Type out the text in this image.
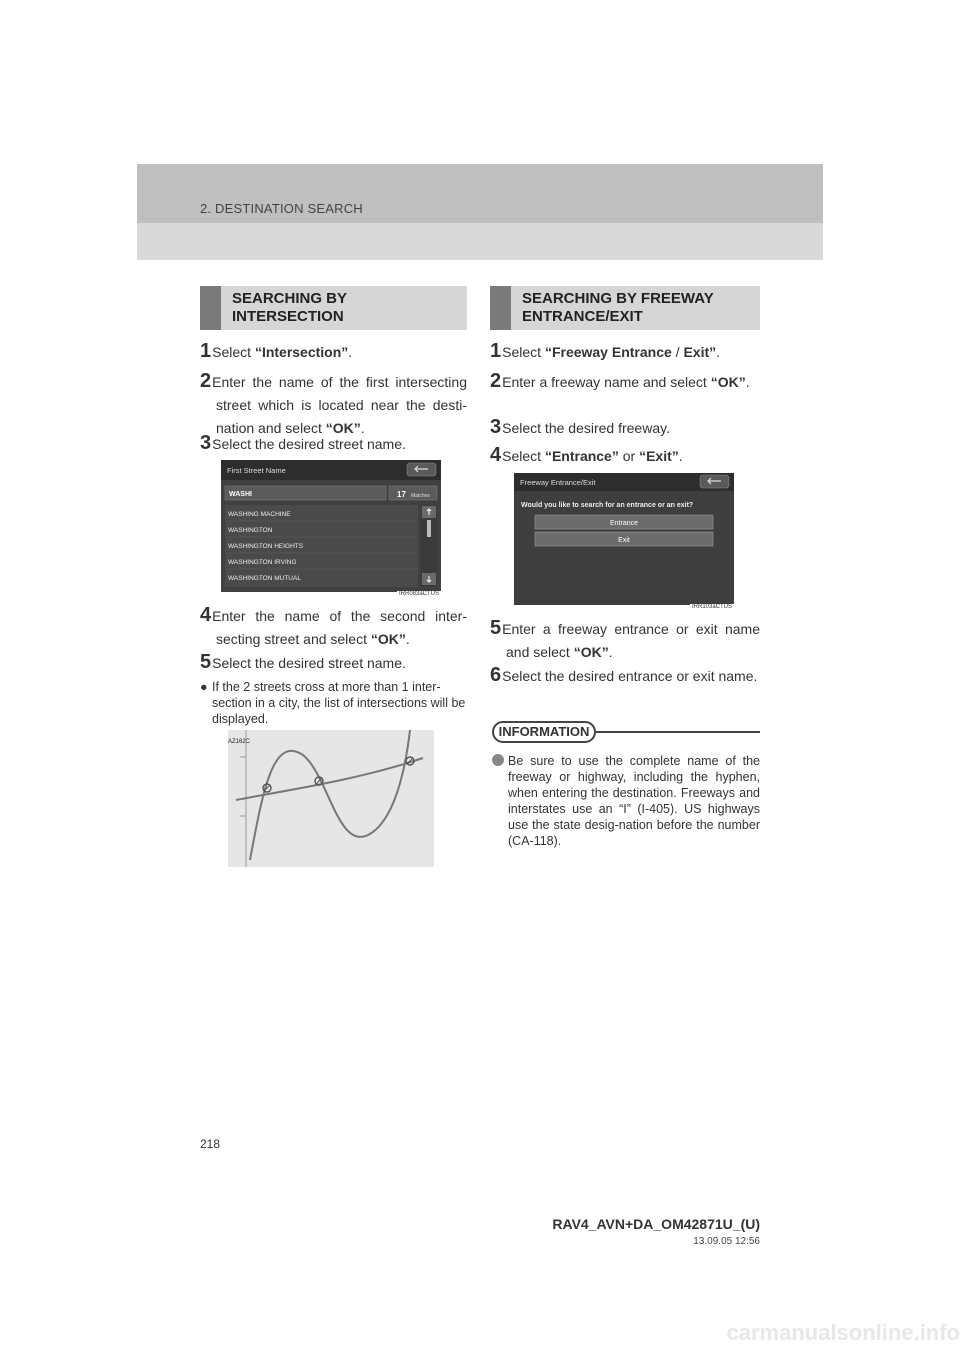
2. DESTINATION SEARCH
SEARCHING BY
INTERSECTION
1Select “Intersection”.
2Enter the name of the first intersecting street which is located near the desti-nation and select “OK”.
3Select the desired street name.
First Street Name
WASHI	17 Matches
WASHING MACHINE
WASHINGTON
WASHINGTON HEIGHTS
WASHINGTON IRVING
WASHINGTON MUTUAL
IRR083aCTUS
4Enter the name of the second inter-secting street and select “OK”.
5Select the desired street name.
● If the 2 streets cross at more than 1 inter-section in a city, the list of intersections will be displayed.
AZ162C
SEARCHING BY FREEWAY
ENTRANCE/EXIT
1Select “Freeway Entrance / Exit”.
2Enter a freeway name and select “OK”.
3Select the desired freeway.
4Select “Entrance” or “Exit”.
Freeway Entrance/Exit
Would you like to search for an entrance or an exit?
Entrance
Exit
IRR103aCTUS
5Enter a freeway entrance or exit name and select “OK”.
6Select the desired entrance or exit name.
INFORMATION
Be sure to use the complete name of the freeway or highway, including the hyphen, when entering the destination. Freeways and interstates use an “I” (I-405). US highways use the state desig-nation before the number (CA-118).
218
RAV4_AVN+DA_OM42871U_(U)
13.09.05 12:56
carmanualsonline.info
